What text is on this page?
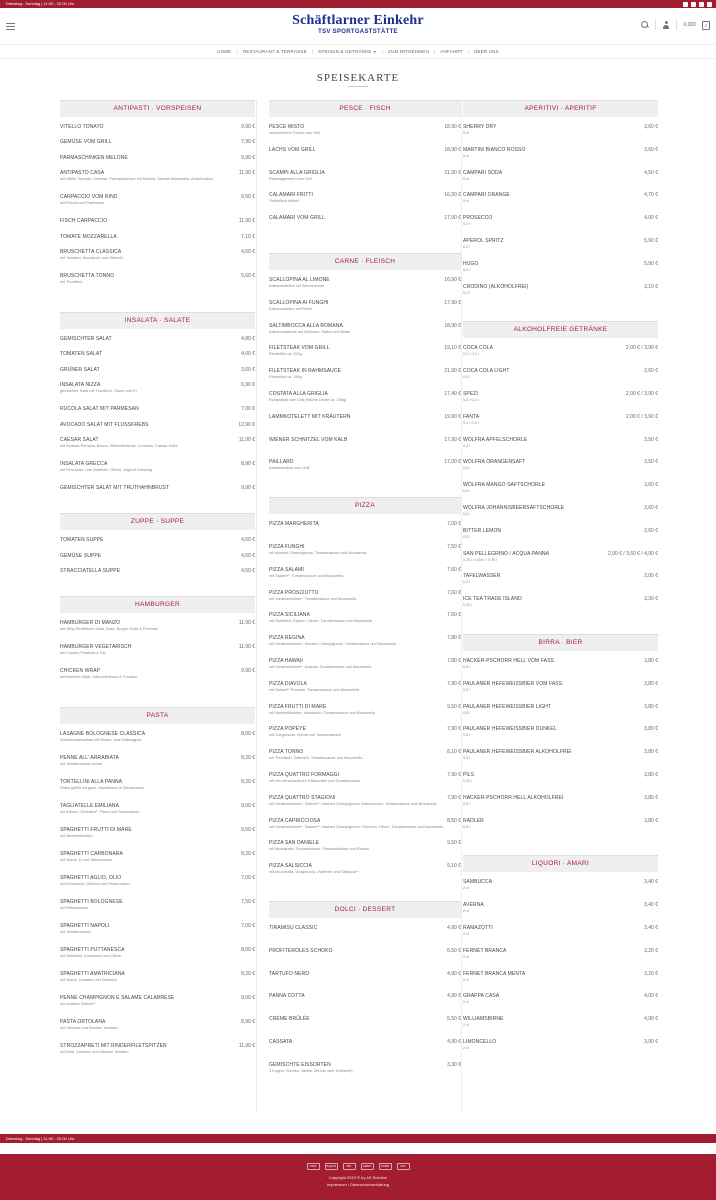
Dienstag - Sonntag | 11:00 - 22:00 Uhr
Schäftlarner Einkehr
TSV SPORTGASTSTÄTTE
0,00€	0
HOME | RESTAURANT & TERRASSE | SPEISEN & GETRÄNKE ▼ | ZUM MITNEHMEN | ANFAHRT | ÜBER UNS
SPEISEKARTE
ANTIPASTI · VORSPEISEN
VITELLO TONATO	9,90 €
GEMÜSE VOM GRILL	7,90 €
PARMASCHINKEN MELONE	9,90 €
ANTIPASTO CASA	11,90 €
mit Vitello Tonnato, Gemüse, Parmaschinken mit Melone, Tomate Mozzarella, Artischocken
CARPACCIO VOM RIND	9,50 €
mit Rucola und Parmesan
FISCH CARPACCIO	11,90 €
TOMATE MOZZARELLA	7,10 €
BRUSCHETTA CLASSICA	4,50 €
mit Tomaten, Knoblauch und Olivenöl
BRUSCHETTA TONNO	5,60 €
mit Thunfisch
INSALATA · SALATE
GEMISCHTER SALAT	4,80 €
TOMATEN SALAT	4,00 €
GRÜNER SALAT	3,60 €
INSALATA NIZZA	6,90 €
gemischter Salat mit Thunfisch, Oliven und Ei
RUCOLA SALAT MIT PARMESAN	7,00 €
AVOCADO SALAT MIT FLUSSKREBS	12,90 €
CAESAR SALAT	11,90 €
mit Insalata Romana, Bacon, Hähnchenbrust, Croutons, Caesar Soße
INSALATA GRECCA	8,90 €
mit Feta Käse, rote Zwiebeln, Oliven, Joghurt Dressing
GEMISCHTER SALAT MIT TRUTHAHNBRUST	9,90 €
ZUPPE · SUPPE
TOMATEN SUPPE	4,50 €
GEMÜSE SUPPE	4,50 €
STRACCIATELLA SUPPE	4,50 €
HAMBURGER
HAMBURGER DI MANZO	11,90 €
mit 180g Rindfleisch Salat, Käse, Burger Soße & Pommes
HAMBURGER VEGETARISCH	11,90 €
mit Country Potatoes & Dip
CHICKEN WRAP	9,90 €
mit frischem Salat, Hähnchenbrust & Tomaten
PASTA
LASAGNE BOLOGNESE CLASSICA	8,00 €
Schichtnudelauflauf mit Rinder- und Kalbsragout
PENNE ALL' ARRABIATA	8,20 €
mit Tomatensauce scharf
TORTELLINI ALLA PANNA	8,20 €
Pasta gefüllt mit ganz. Hackfleisch in Sahnesauce
TAGLIATELLE EMILIANA	9,00 €
mit Erbsen, Schinken*, Pilzen und Sahnesauce
SPAGHETTI FRUTTI DI MARE	9,50 €
mit Meeresfrüchten
SPAGHETTI CARBONARA	8,20 €
mit Speck, Ei und Sahnesauce
SPAGHETTI AGLIO, OLIO	7,00 €
mit Knoblauch, Olivenöl und Peperoncino
SPAGHETTI BOLOGNESE	7,50 €
mit Fleischsauce
SPAGHETTI NAPOLI	7,00 €
mit Tomatensauce
SPAGHETTI PUTTANESCA	8,00 €
mit Sardellen, Knoblauch und Oliven
SPAGHETTI AMATRICIANA	8,20 €
mit Speck, Tomaten und Zwiebeln
PENNE CHAMPIGNON E SALAME CALABRESE	9,00 €
mit scharfer Salami**
PASTA ORTOLANA	8,90 €
mit Gemüse und frischen Tomaten
STROZZAPRETI MIT RINDERFILETSPITZEN	11,90 €
mit Rind, Zwiebeln und frischen Tomaten
PESCE · FISCH
PESCE MISTO	18,90 €
verschiedene Fische vom Grill
LACHS VOM GRILL	18,90 €
SCAMPI ALLA GRIGLIA	21,90 €
Riesengarnelen vom Grill
CALAMARI FRITTI	16,90 €
Tintenfisch frittiert
CALAMARI VOM GRILL	17,90 €
CARNE · FLEISCH
SCALLOPINA AL LIMONE	16,90 €
Kalbsmedaillon mit Zitronensoße
SCALLOPINA AI FUNGHI	17,90 €
Kalbsmedaillon mit Pilzen
SALTIMBOCCA ALLA ROMANA	18,90 €
Kalbsmedaillons mit Schinken, Salbei und Butter
FILETSTEAK VOM GRILL	19,10 €
Rinderfilet ca. 200g
FILETSTEAK IN RAHMSAUCE	21,90 €
Rinderfilet ca. 180g
COSTATA ALLA GRIGLIA	17,40 €
Rumpsteak vom Grill (frische Lende ca. 200g)
LAMMKOTELETT MIT KRÄUTERN	19,90 €
WIENER SCHNITZEL VOM KALB	17,90 €
PAILLARD	17,00 €
Kalbsschnitzel vom Grill
PIZZA
PIZZA MARGHERITA	7,00 €
PIZZA FUNGHI	7,50 €
mit frischen Champignons, Tomatensauce und Mozzarella
PIZZA SALAMI	7,60 €
mit Salami**, Tomatensauce und Mozzarella
PIZZA PROSCIUTTO	7,60 €
mit Vorderschinken*, Tomatensauce und Mozzarella
PIZZA SICILIANA	7,60 €
mit Sardellen, Kapern, Oliven, Tomatensauce und Mozzarella
PIZZA REGINA	7,80 €
mit Vorderschinken*, frischen Champignons, Tomatensauce und Mozzarella
PIZZA HAWAII	7,80 €
mit Vorderschinken*, Ananas, Tomatensauce und Mozzarella
PIZZA DIAVOLA	7,90 €
mit Salami** Pizzante, Tomatensauce und Mozzarella
PIZZA FRUTTI DI MARE	9,50 €
mit Meeresfrüchten, Knoblauch, Tomatensauce und Mozzarella
PIZZA POPEYE	7,90 €
mit Gorgonzola, Spinat und Tomatensauce
PIZZA TONNO	8,10 €
mit Thunfisch, Zwiebeln, Tomatensauce und Mozzarella
PIZZA QUATTRO FORMAGGI	7,90 €
mit vier verschiedenen Käsesorten und Tomatensauce
PIZZA QUATTRO STAGIONI	7,90 €
mit Vorderschinken*, Salami**, frischen Champignons, Artischocken, Tomatensauce und Mozzarella
PIZZA CAPRICCIOSA	8,50 €
mit Vorderschinken*, Salami**, frischen Champignons, Peperoni, Oliven, Tomatensauce und Mozzarella
PIZZA SAN DANIELE	9,50 €
mit Mozzarella, Tomatensauce, Parmaschinken und Rucola
PIZZA SALSICCIA	9,10 €
mit Mozzarella, Gorgonzola, Zwiebeln und Salsiccia**
DOLCI · DESSERT
TIRAMISU CLASSIC	4,90 €
PROFITEROLES SCHOKO	5,50 €
TARTUFO NERO	4,90 €
PANNA COTTA	4,90 €
CRÈME BRÛLÉE	5,50 €
CASSATA	4,90 €
GEMISCHTE EISSORTEN	3,30 €
3 Kugeln: Schoko, Vanille, Zitrone oder Erdbeere)
APERITIVI · APERITIF
SHERRY DRY	3,60 €
5 cl
MARTINI BIANCO ROSSO	3,60 €
5 cl
CAMPARI SODA	4,50 €
5 cl
CAMPARI ORANGE	4,70 €
5 cl
PROSECCO	4,00 €
0,1 l
APEROL SPRITZ	5,90 €
0,2 l
HUGO	5,90 €
0,2 l
CRODINO (ALKOHOLFREI)	3,10 €
0,1 l
ALKOHOLFREIE GETRÄNKE
COCA COLA	2,00 € / 3,90 €
0,2 / 0,4 l
COCA COLA LIGHT	2,60 €
0,2 l
SPEZI	2,00 € / 3,90 €
0,2 / 0,4 l
FANTA	2,00 € / 3,90 €
0,2 / 0,4 l
WOLFRA APFELSCHORLE	3,50 €
0,4 l
WOLFRA ORANGENSAFT	3,50 €
0,4 l
WOLFRA MANGO SAFTSCHORLE	3,60 €
0,4 l
WOLFRA JOHANNISBEERSAFTSCHORLE	3,60 €
0,4 l
BITTER LEMON	2,60 €
0,2 l
SAN PELLEGRINO / ACQUA PANNA	2,00 € / 3,60 € / 4,90 €
0,25 l / 0,50 l / 0,75 l
TAFELWASSER	2,00 €
0,4 l
ICE TEA TRADE ISLAND	3,30 €
0,33 l
BIRRA · BIER
HACKER-PSCHORR HELL VOM FASS	3,80 €
0,5 l
PAULANER HEFEWEISSBIER VOM FASS	3,80 €
0,5 l
PAULANER HEFEWEISSBIER LIGHT	3,80 €
0,5 l
PAULANER HEFEWEISSBIER DUNKEL	3,80 €
0,5 l
PAULANER HEFEWEISSBIER ALKOHOLFREI	3,80 €
0,5 l
PILS	3,80 €
0,33 l
HACKER-PSCHORR HELL ALKOHOLFREI	3,80 €
0,5 l
RADLER	3,80 €
0,5 l
LIQUORI · AMARI
SAMBUCCA	3,40 €
2 cl
AVERNA	3,40 €
2 cl
RAMAZOTTI	3,40 €
2 cl
FERNET BRANCA	3,20 €
2 cl
FERNET BRANCA MENTA	3,20 €
2 cl
GRAPPA CASA	4,00 €
2 cl
WILLIAMSBIRNE	4,90 €
2 cl
LIMONCELLO	3,90 €
2 cl
Dienstag - Sonntag | 11:00 - 22:00 Uhr
VISA	PayPal	MC	AMEX	CARD	INV
Copyright 2019 © by AS Solution
Impressum / Datenschutzerklärung
